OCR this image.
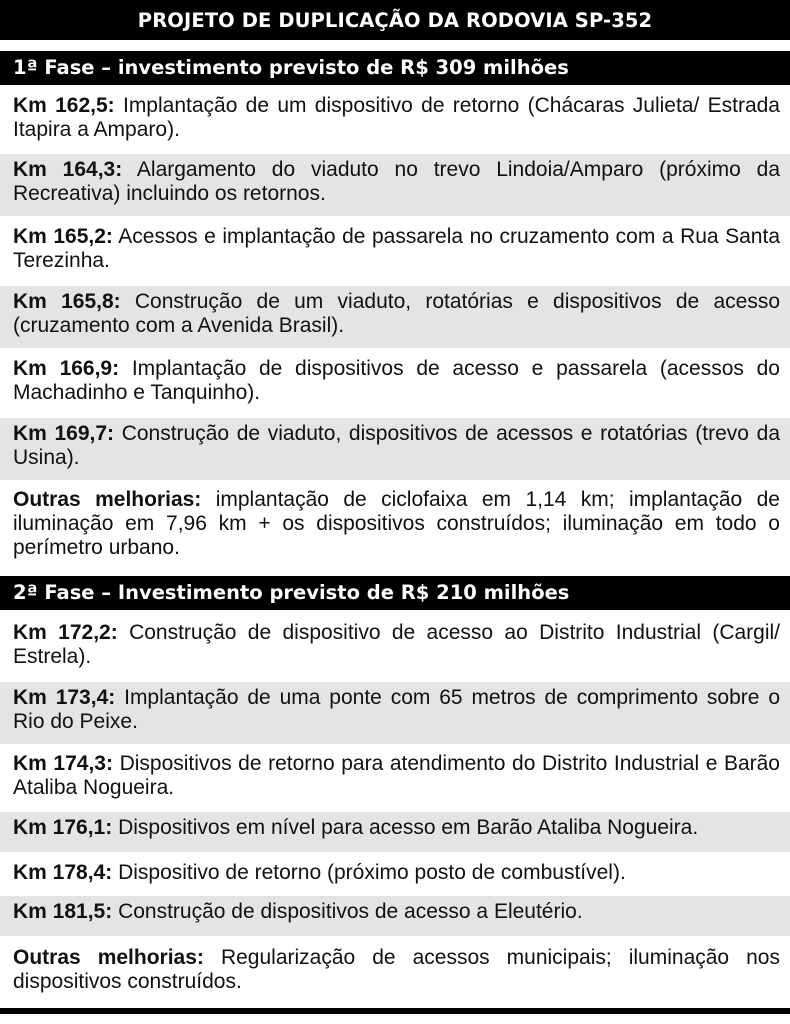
PROJETO DE DUPLICAÇÃO DA RODOVIA SP-352
1ª Fase – investimento previsto de R$ 309 milhões
Km 162,5: Implantação de um dispositivo de retorno (Chácaras Julieta/ Estrada Itapira a Amparo).
Km 164,3: Alargamento do viaduto no trevo Lindoia/Amparo (próximo da Recreativa) incluindo os retornos.
Km 165,2: Acessos e implantação de passarela no cruzamento com a Rua Santa Terezinha.
Km 165,8: Construção de um viaduto, rotatórias e dispositivos de acesso (cruzamento com a Avenida Brasil).
Km 166,9: Implantação de dispositivos de acesso e passarela (acessos do Machadinho e Tanquinho).
Km 169,7: Construção de viaduto, dispositivos de acessos e rotatórias (trevo da Usina).
Outras melhorias: implantação de ciclofaixa em 1,14 km; implantação de iluminação em 7,96 km + os dispositivos construídos; iluminação em todo o perímetro urbano.
2ª Fase – Investimento previsto de R$ 210 milhões
Km 172,2: Construção de dispositivo de acesso ao Distrito Industrial (Cargil/ Estrela).
Km 173,4: Implantação de uma ponte com 65 metros de comprimento sobre o Rio do Peixe.
Km 174,3: Dispositivos de retorno para atendimento do Distrito Industrial e Barão Ataliba Nogueira.
Km 176,1: Dispositivos em nível para acesso em Barão Ataliba Nogueira.
Km 178,4: Dispositivo de retorno (próximo posto de combustível).
Km 181,5: Construção de dispositivos de acesso a Eleutério.
Outras melhorias: Regularização de acessos municipais; iluminação nos dispositivos construídos.
